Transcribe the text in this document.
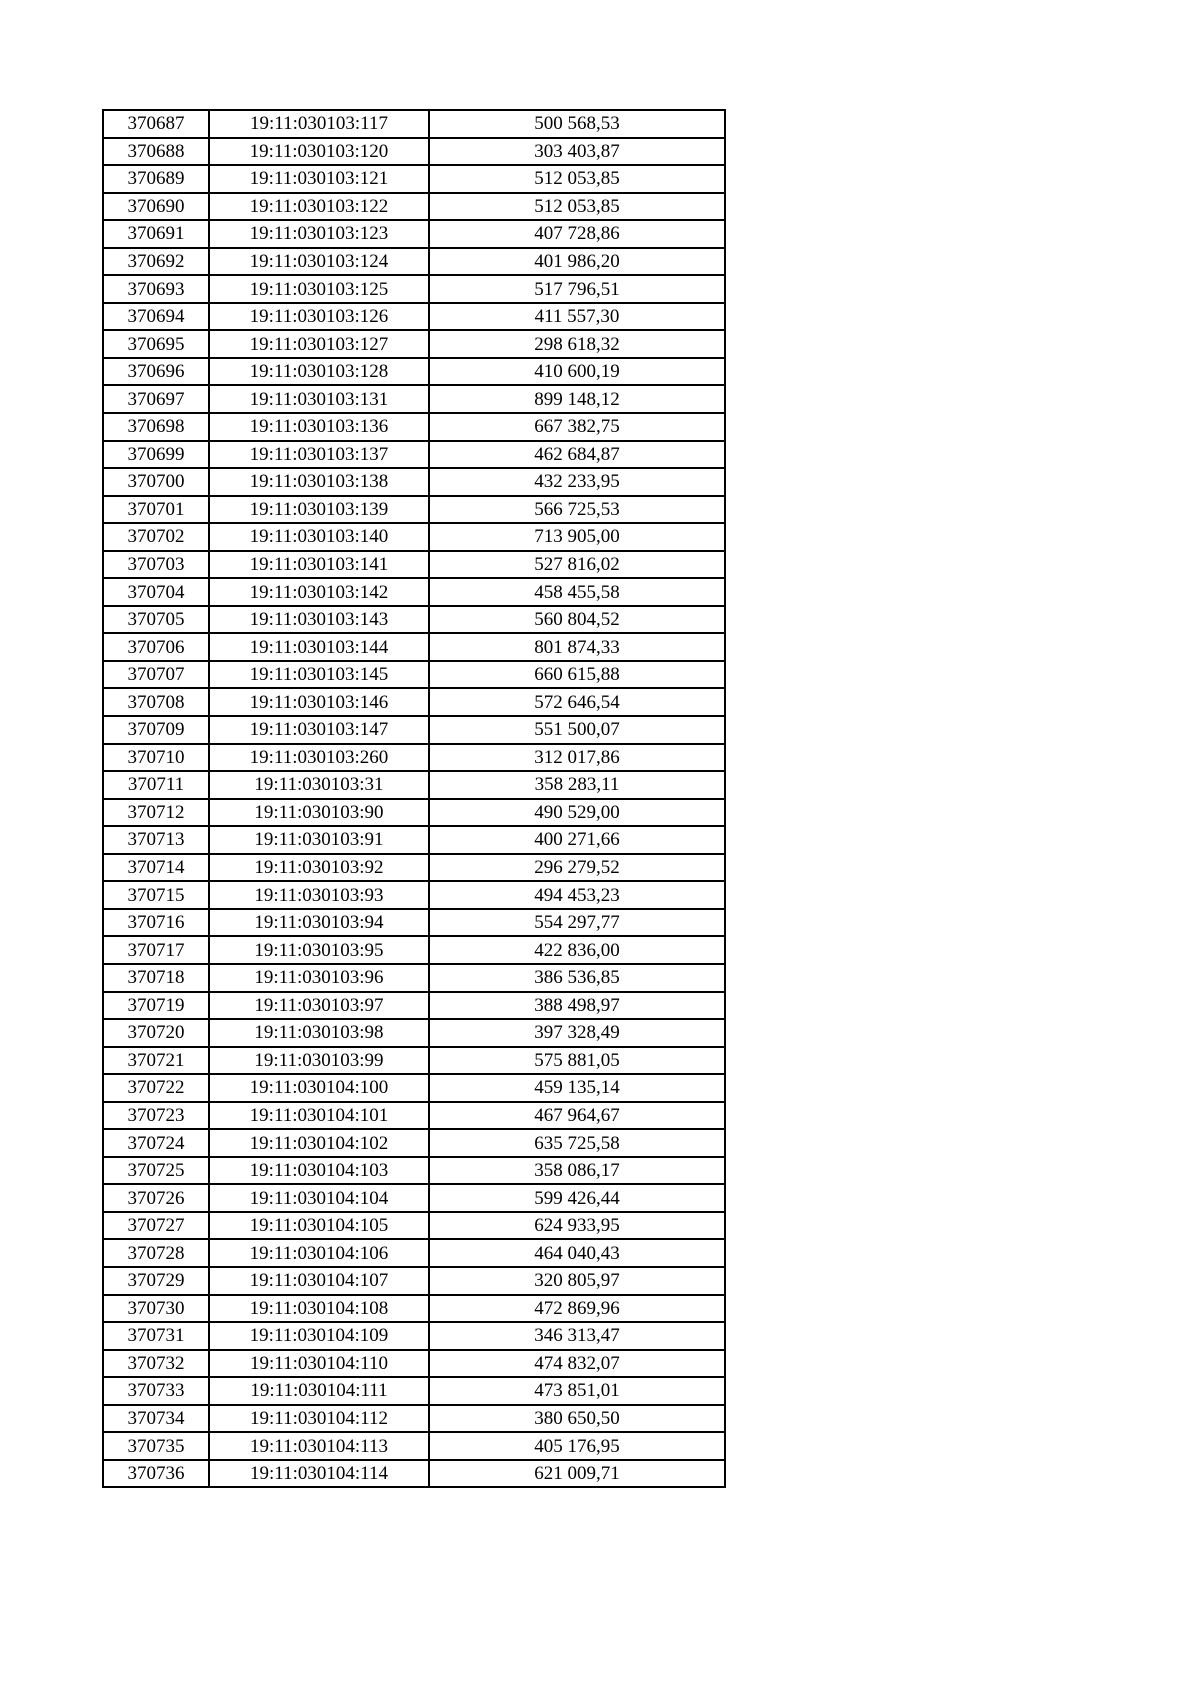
370687	19:11:030103:117	500 568,53
370688	19:11:030103:120	303 403,87
370689	19:11:030103:121	512 053,85
370690	19:11:030103:122	512 053,85
370691	19:11:030103:123	407 728,86
370692	19:11:030103:124	401 986,20
370693	19:11:030103:125	517 796,51
370694	19:11:030103:126	411 557,30
370695	19:11:030103:127	298 618,32
370696	19:11:030103:128	410 600,19
370697	19:11:030103:131	899 148,12
370698	19:11:030103:136	667 382,75
370699	19:11:030103:137	462 684,87
370700	19:11:030103:138	432 233,95
370701	19:11:030103:139	566 725,53
370702	19:11:030103:140	713 905,00
370703	19:11:030103:141	527 816,02
370704	19:11:030103:142	458 455,58
370705	19:11:030103:143	560 804,52
370706	19:11:030103:144	801 874,33
370707	19:11:030103:145	660 615,88
370708	19:11:030103:146	572 646,54
370709	19:11:030103:147	551 500,07
370710	19:11:030103:260	312 017,86
370711	19:11:030103:31	358 283,11
370712	19:11:030103:90	490 529,00
370713	19:11:030103:91	400 271,66
370714	19:11:030103:92	296 279,52
370715	19:11:030103:93	494 453,23
370716	19:11:030103:94	554 297,77
370717	19:11:030103:95	422 836,00
370718	19:11:030103:96	386 536,85
370719	19:11:030103:97	388 498,97
370720	19:11:030103:98	397 328,49
370721	19:11:030103:99	575 881,05
370722	19:11:030104:100	459 135,14
370723	19:11:030104:101	467 964,67
370724	19:11:030104:102	635 725,58
370725	19:11:030104:103	358 086,17
370726	19:11:030104:104	599 426,44
370727	19:11:030104:105	624 933,95
370728	19:11:030104:106	464 040,43
370729	19:11:030104:107	320 805,97
370730	19:11:030104:108	472 869,96
370731	19:11:030104:109	346 313,47
370732	19:11:030104:110	474 832,07
370733	19:11:030104:111	473 851,01
370734	19:11:030104:112	380 650,50
370735	19:11:030104:113	405 176,95
370736	19:11:030104:114	621 009,71
